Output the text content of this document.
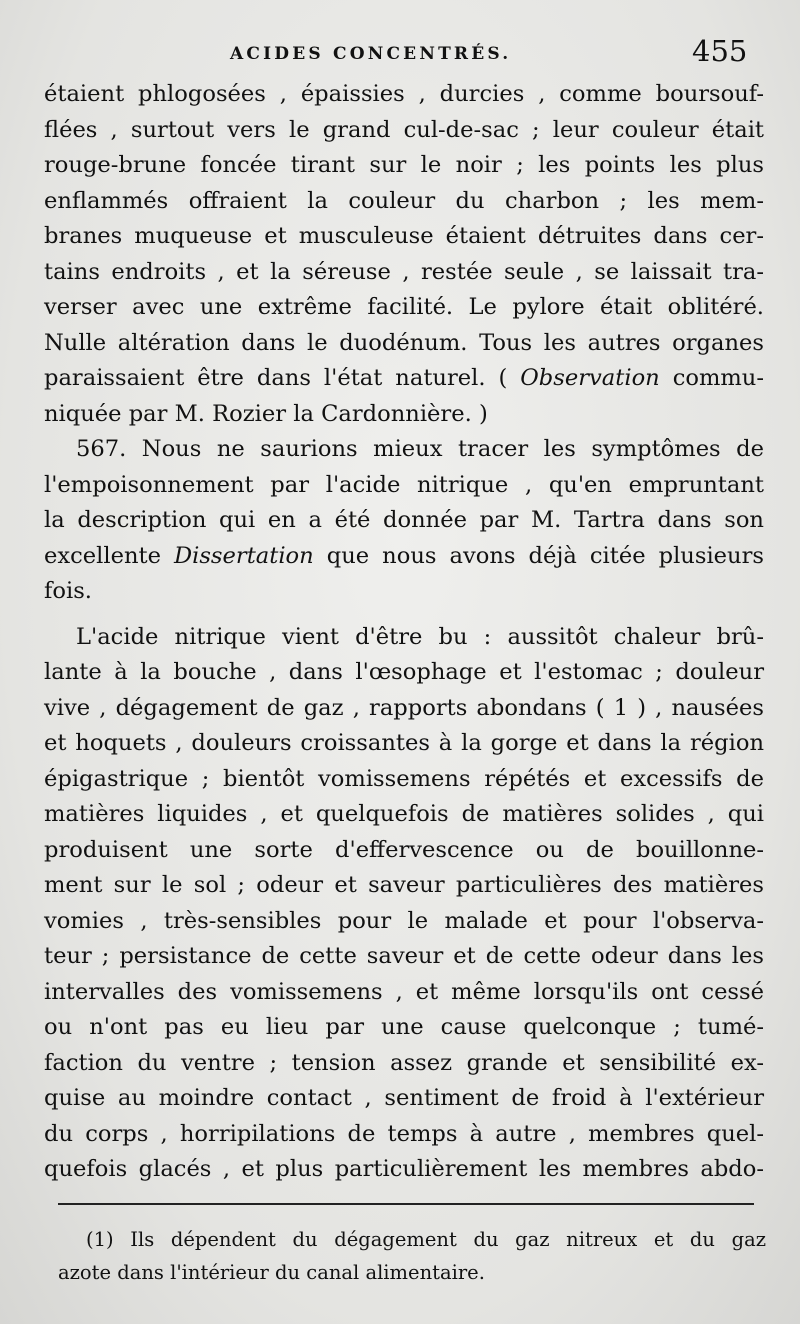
ACIDES CONCENTRÉS.	455
étaient phlogosées , épaissies , durcies , comme boursouf-
flées , surtout vers le grand cul-de-sac ; leur couleur était
rouge-brune foncée tirant sur le noir ; les points les plus
enflammés offraient la couleur du charbon ; les mem-
branes muqueuse et musculeuse étaient détruites dans cer-
tains endroits , et la séreuse , restée seule , se laissait tra-
verser avec une extrême facilité. Le pylore était oblitéré.
Nulle altération dans le duodénum. Tous les autres organes
paraissaient être dans l'état naturel. ( Observation commu-
niquée par M. Rozier la Cardonnière. )
567. Nous ne saurions mieux tracer les symptômes de
l'empoisonnement par l'acide nitrique , qu'en empruntant
la description qui en a été donnée par M. Tartra dans son
excellente Dissertation que nous avons déjà citée plusieurs
fois.
L'acide nitrique vient d'être bu : aussitôt chaleur brû-
lante à la bouche , dans l'œsophage et l'estomac ; douleur
vive , dégagement de gaz , rapports abondans ( 1 ) , nausées
et hoquets , douleurs croissantes à la gorge et dans la région
épigastrique ; bientôt vomissemens répétés et excessifs de
matières liquides , et quelquefois de matières solides , qui
produisent une sorte d'effervescence ou de bouillonne-
ment sur le sol ; odeur et saveur particulières des matières
vomies , très-sensibles pour le malade et pour l'observa-
teur ; persistance de cette saveur et de cette odeur dans les
intervalles des vomissemens , et même lorsqu'ils ont cessé
ou n'ont pas eu lieu par une cause quelconque ; tumé-
faction du ventre ; tension assez grande et sensibilité ex-
quise au moindre contact , sentiment de froid à l'extérieur
du corps , horripilations de temps à autre , membres quel-
quefois glacés , et plus particulièrement les membres abdo-
(1) Ils dépendent du dégagement du gaz nitreux et du gaz
azote dans l'intérieur du canal alimentaire.
